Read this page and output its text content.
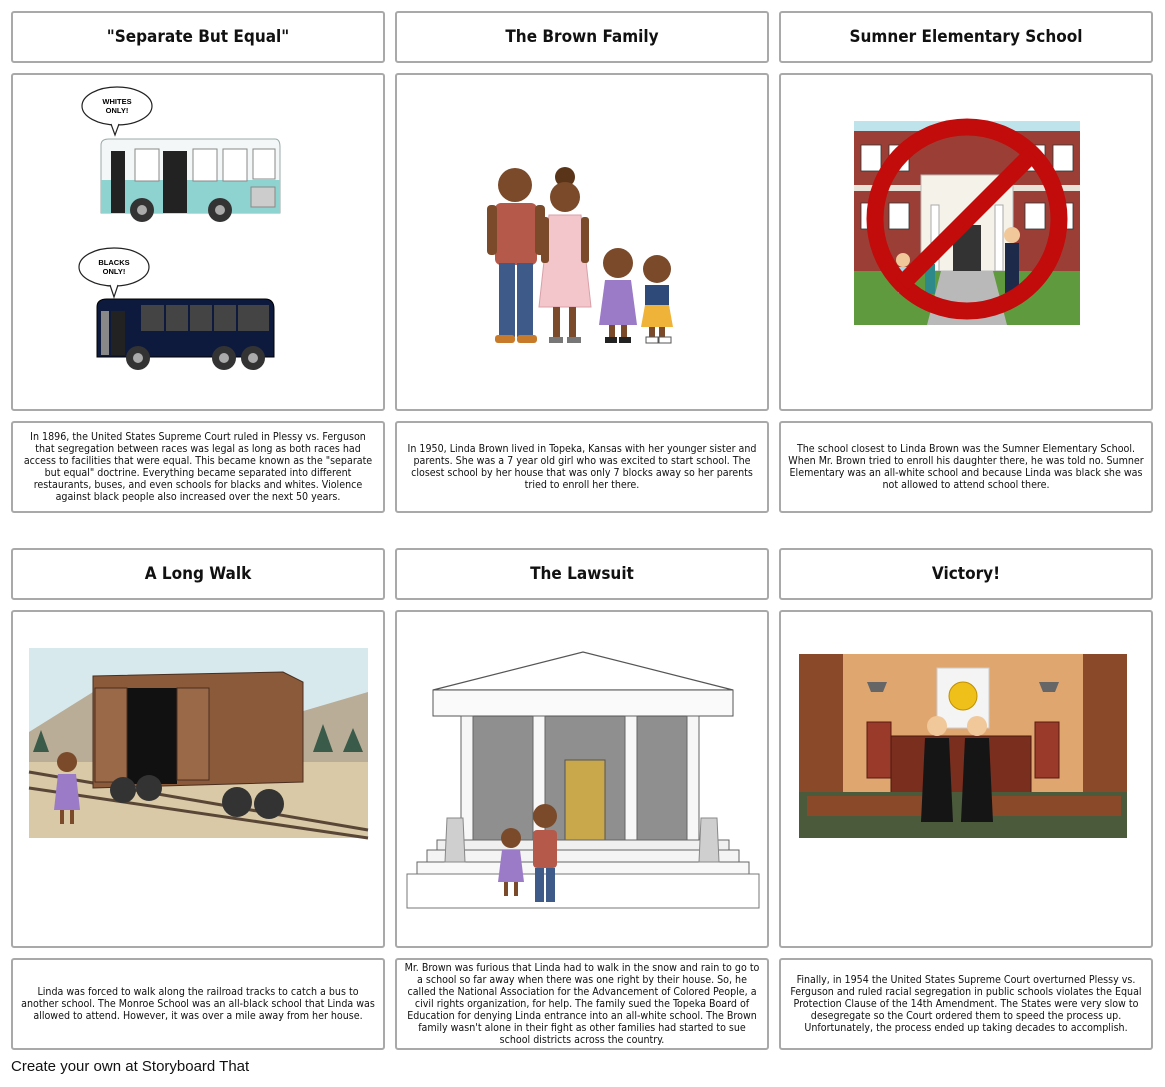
"Separate But Equal"	The Brown Family	Sumner Elementary School
WHITES
ONLY!
BLACKS
ONLY!
In 1896, the United States Supreme Court ruled in Plessy vs. Ferguson that segregation between races was legal as long as both races had access to facilities that were equal. This became known as the "separate but equal" doctrine. Everything became separated into different restaurants, buses, and even schools for blacks and whites. Violence against black people also increased over the next 50 years.
In 1950, Linda Brown lived in Topeka, Kansas with her younger sister and parents. She was a 7 year old girl who was excited to start school. The closest school by her house that was only 7 blocks away so her parents tried to enroll her there.
The school closest to Linda Brown was the Sumner Elementary School. When Mr. Brown tried to enroll his daughter there, he was told no. Sumner Elementary was an all-white school and because Linda was black she was not allowed to attend school there.
A Long Walk	The Lawsuit	Victory!
Linda was forced to walk along the railroad tracks to catch a bus to another school. The Monroe School was an all-black school that Linda was allowed to attend. However, it was over a mile away from her house.
Mr. Brown was furious that Linda had to walk in the snow and rain to go to a school so far away when there was one right by their house. So, he called the National Association for the Advancement of Colored People, a civil rights organization, for help. The family sued the Topeka Board of Education for denying Linda entrance into an all-white school. The Brown family wasn't alone in their fight as other families had started to sue school districts across the country.
Finally, in 1954 the United States Supreme Court overturned Plessy vs. Ferguson and ruled racial segregation in public schools violates the Equal Protection Clause of the 14th Amendment. The States were very slow to desegregate so the Court ordered them to speed the process up. Unfortunately, the process ended up taking decades to accomplish.
Create your own at Storyboard That
